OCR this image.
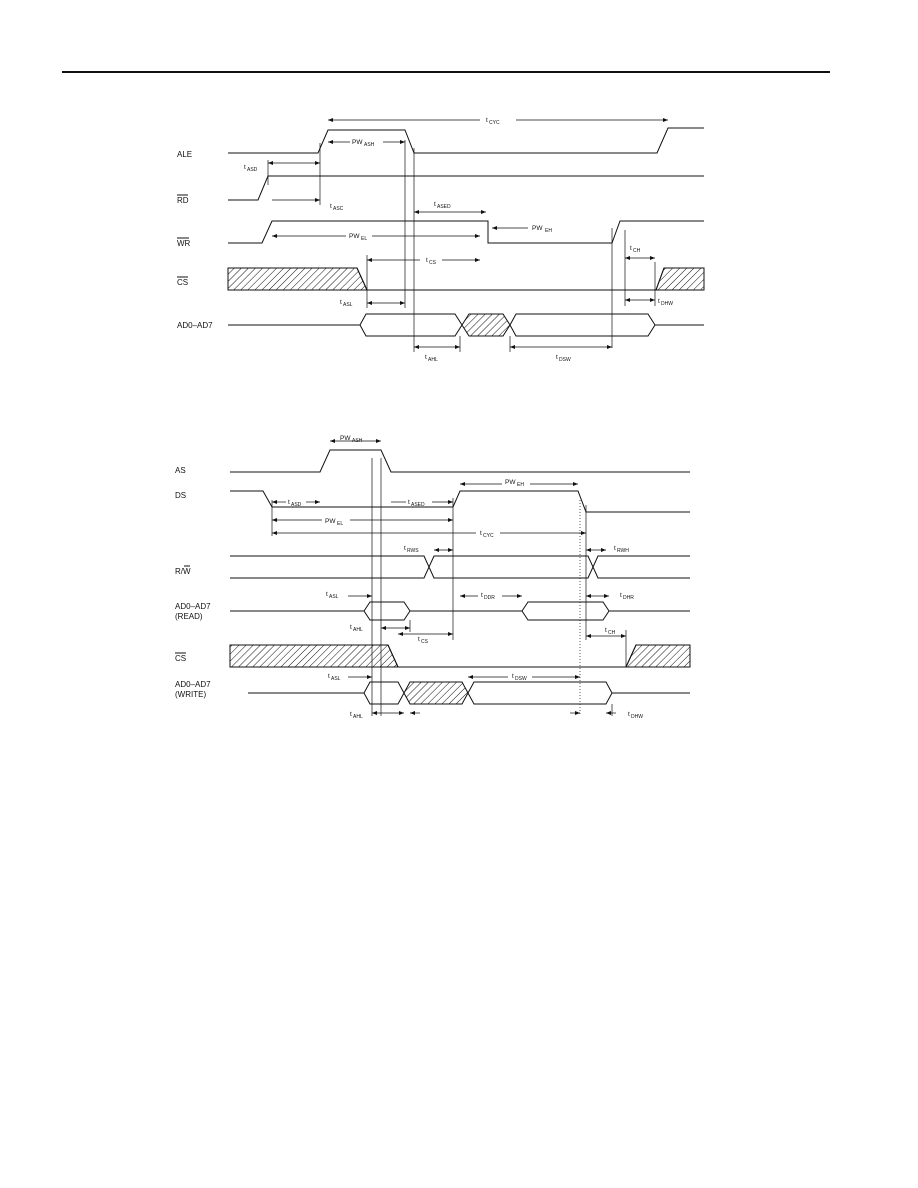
ALE
RD
WR
CS
AD0–AD7
t CYC
PW ASH
t ASD
t ASC
t ASED
PW EH
PW EL
t CS
t CH
t ASL	t DHW
t AHL	t DSW
AS
DS
R/W
AD0–AD7
(READ)
CS
AD0–AD7
(WRITE)
PW ASH
t ASD	t ASED
PW EH
PW EL
t CYC
t RWS	t RWH
t ASL	t DDR	t DHR
t AHL
t CS
t CH
t ASL	t DSW
t AHL	t DHW
